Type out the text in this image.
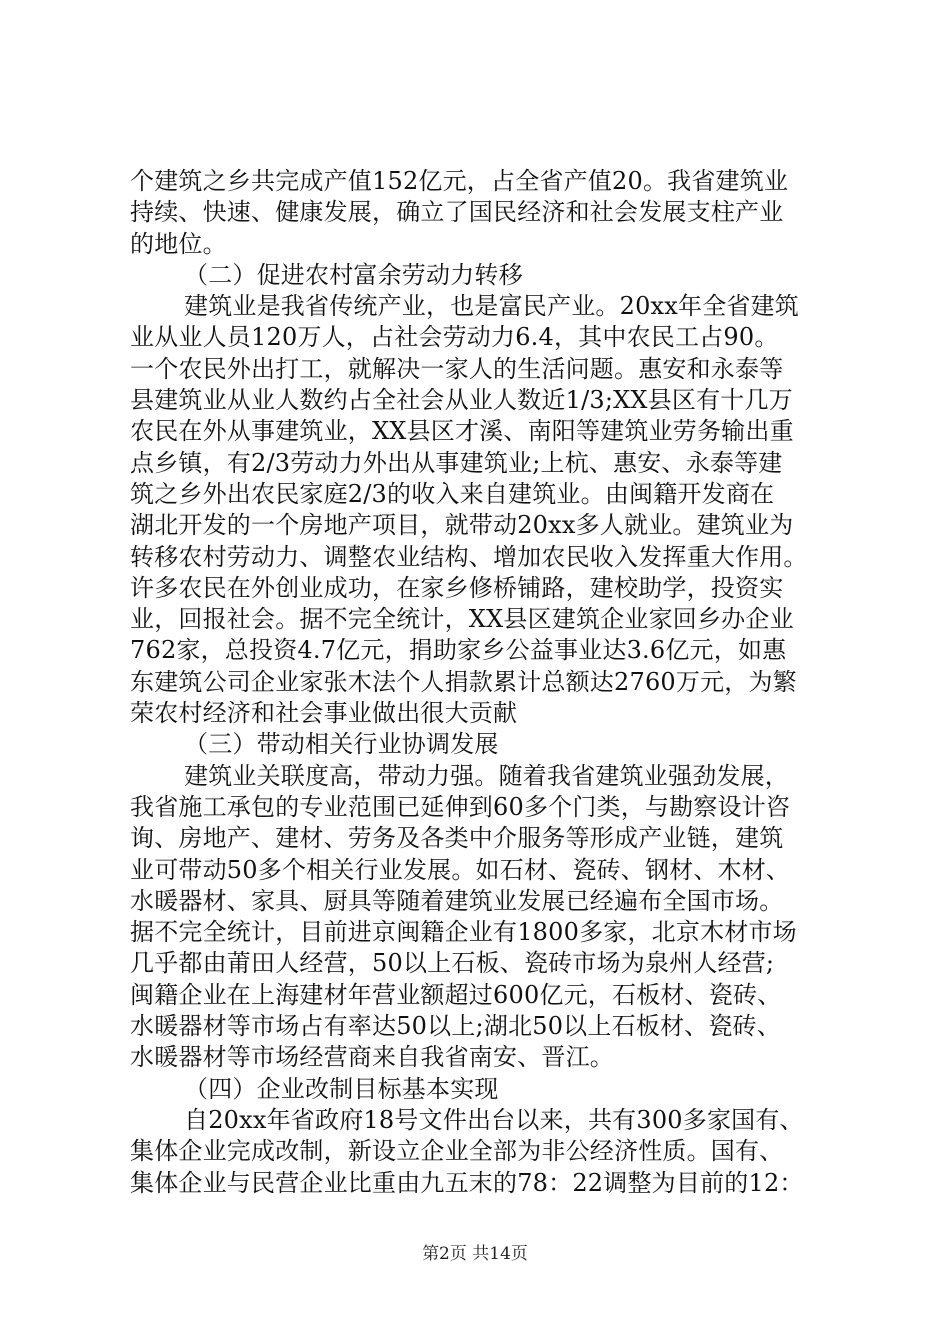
个建筑之乡共完成产值152亿元，占全省产值20。我省建筑业
持续、快速、健康发展，确立了国民经济和社会发展支柱产业
的地位。
（二）促进农村富余劳动力转移
建筑业是我省传统产业，也是富民产业。20xx年全省建筑
业从业人员120万人，占社会劳动力6.4，其中农民工占90。
一个农民外出打工，就解决一家人的生活问题。惠安和永泰等
县建筑业从业人数约占全社会从业人数近1/3;XX县区有十几万
农民在外从事建筑业，XX县区才溪、南阳等建筑业劳务输出重
点乡镇，有2/3劳动力外出从事建筑业;上杭、惠安、永泰等建
筑之乡外出农民家庭2/3的收入来自建筑业。由闽籍开发商在
湖北开发的一个房地产项目，就带动20xx多人就业。建筑业为
转移农村劳动力、调整农业结构、增加农民收入发挥重大作用。
许多农民在外创业成功，在家乡修桥铺路，建校助学，投资实
业，回报社会。据不完全统计，XX县区建筑企业家回乡办企业
762家，总投资4.7亿元，捐助家乡公益事业达3.6亿元，如惠
东建筑公司企业家张木法个人捐款累计总额达2760万元，为繁
荣农村经济和社会事业做出很大贡献
（三）带动相关行业协调发展
建筑业关联度高，带动力强。随着我省建筑业强劲发展，
我省施工承包的专业范围已延伸到60多个门类，与勘察设计咨
询、房地产、建材、劳务及各类中介服务等形成产业链，建筑
业可带动50多个相关行业发展。如石材、瓷砖、钢材、木材、
水暖器材、家具、厨具等随着建筑业发展已经遍布全国市场。
据不完全统计，目前进京闽籍企业有1800多家，北京木材市场
几乎都由莆田人经营，50以上石板、瓷砖市场为泉州人经营;
闽籍企业在上海建材年营业额超过600亿元，石板材、瓷砖、
水暖器材等市场占有率达50以上;湖北50以上石板材、瓷砖、
水暖器材等市场经营商来自我省南安、晋江。
（四）企业改制目标基本实现
自20xx年省政府18号文件出台以来，共有300多家国有、
集体企业完成改制，新设立企业全部为非公经济性质。国有、
集体企业与民营企业比重由九五末的78：22调整为目前的12：
第2页 共14页
